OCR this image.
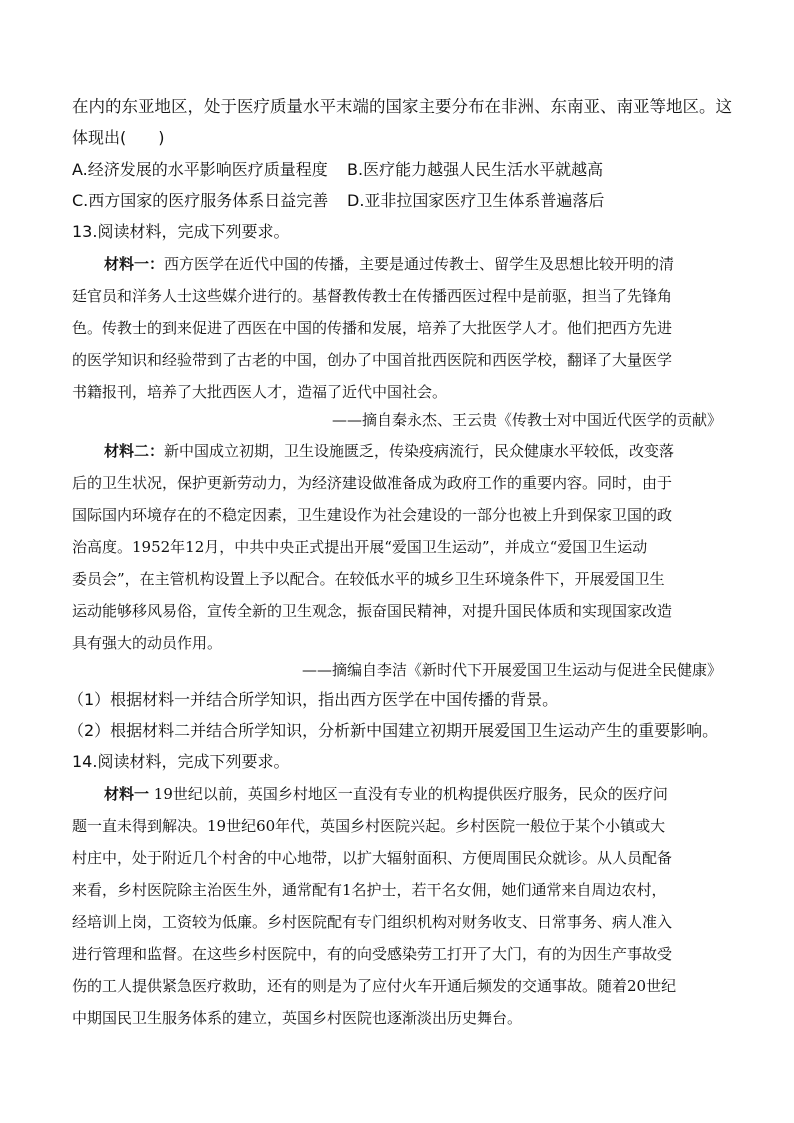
在内的东亚地区，处于医疗质量水平末端的国家主要分布在非洲、东南亚、南亚等地区。这
体现出(　　)
A.经济发展的水平影响医疗质量程度 B.医疗能力越强人民生活水平就越高
C.西方国家的医疗服务体系日益完善 D.亚非拉国家医疗卫生体系普遍落后
13.阅读材料，完成下列要求。
材料一：西方医学在近代中国的传播，主要是通过传教士、留学生及思想比较开明的清
廷官员和洋务人士这些媒介进行的。基督教传教士在传播西医过程中是前驱，担当了先锋角
色。传教士的到来促进了西医在中国的传播和发展，培养了大批医学人才。他们把西方先进
的医学知识和经验带到了古老的中国，创办了中国首批西医院和西医学校，翻译了大量医学
书籍报刊，培养了大批西医人才，造福了近代中国社会。
——摘自秦永杰、王云贵《传教士对中国近代医学的贡献》
材料二：新中国成立初期，卫生设施匮乏，传染疫病流行，民众健康水平较低，改变落
后的卫生状况，保护更新劳动力，为经济建设做准备成为政府工作的重要内容。同时，由于
国际国内环境存在的不稳定因素，卫生建设作为社会建设的一部分也被上升到保家卫国的政
治高度。1952年12月，中共中央正式提出开展“爱国卫生运动”，并成立“爱国卫生运动
委员会”，在主管机构设置上予以配合。在较低水平的城乡卫生环境条件下，开展爱国卫生
运动能够移风易俗，宣传全新的卫生观念，振奋国民精神，对提升国民体质和实现国家改造
具有强大的动员作用。
——摘编自李洁《新时代下开展爱国卫生运动与促进全民健康》
（1）根据材料一并结合所学知识，指出西方医学在中国传播的背景。
（2）根据材料二并结合所学知识，分析新中国建立初期开展爱国卫生运动产生的重要影响。
14.阅读材料，完成下列要求。
材料一 19世纪以前，英国乡村地区一直没有专业的机构提供医疗服务，民众的医疗问
题一直未得到解决。19世纪60年代，英国乡村医院兴起。乡村医院一般位于某个小镇或大
村庄中，处于附近几个村舍的中心地带，以扩大辐射面积、方便周围民众就诊。从人员配备
来看，乡村医院除主治医生外，通常配有1名护士，若干名女佣，她们通常来自周边农村，
经培训上岗，工资较为低廉。乡村医院配有专门组织机构对财务收支、日常事务、病人准入
进行管理和监督。在这些乡村医院中，有的向受感染劳工打开了大门，有的为因生产事故受
伤的工人提供紧急医疗救助，还有的则是为了应付火车开通后频发的交通事故。随着20世纪
中期国民卫生服务体系的建立，英国乡村医院也逐渐淡出历史舞台。
